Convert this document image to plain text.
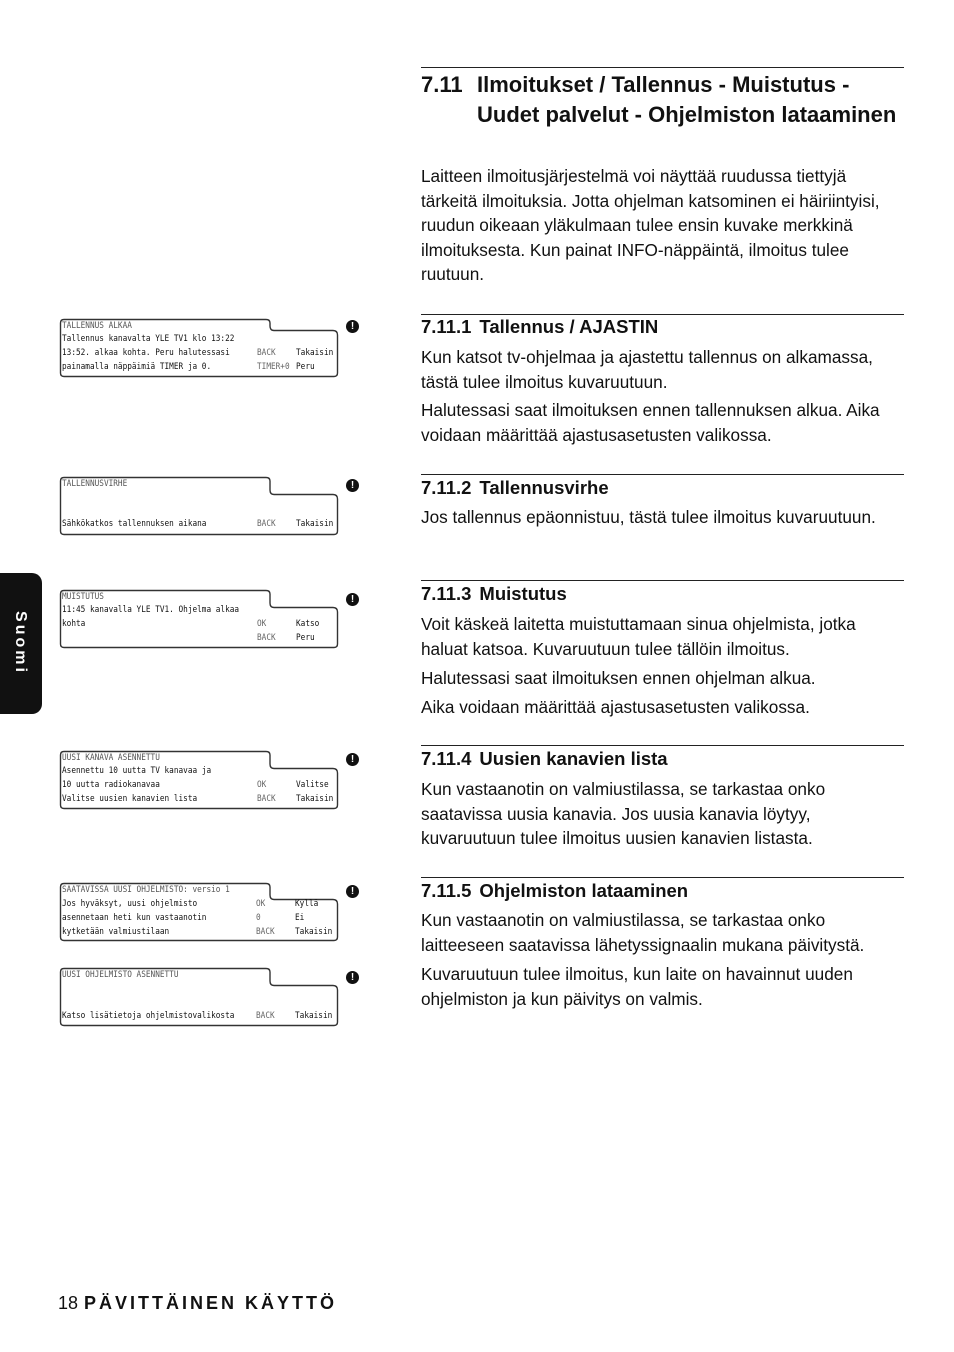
7.11 Ilmoitukset / Tallennus - Muistutus - Uudet palvelut - Ohjelmiston lataaminen

Laitteen ilmoitusjärjestelmä voi näyttää ruudussa tiettyjä tärkeitä ilmoituksia. Jotta ohjelman katsominen ei häiriintyisi, ruudun oikeaan yläkulmaan tulee ensin kuvake merkkinä ilmoituksesta. Kun painat INFO-näppäintä, ilmoitus tulee ruutuun.

7.11.1 Tallennus / AJASTIN

Kun katsot tv-ohjelmaa ja ajastettu tallennus on alkamassa, tästä tulee ilmoitus kuvaruutuun.

Halutessasi saat ilmoituksen ennen tallennuksen alkua. Aika voidaan määrittää ajastusasetusten valikossa.

7.11.2 Tallennusvirhe

Jos tallennus epäonnistuu, tästä tulee ilmoitus kuvaruutuun.

7.11.3 Muistutus

Voit käskeä laitetta muistuttamaan sinua ohjelmista, jotka haluat katsoa. Kuvaruutuun tulee tällöin ilmoitus.

Halutessasi saat ilmoituksen ennen ohjelman alkua.

Aika voidaan määrittää ajastusasetusten valikossa.

7.11.4 Uusien kanavien lista

Kun vastaanotin on valmiustilassa, se tarkastaa onko saatavissa uusia kanavia. Jos uusia kanavia löytyy, kuvaruutuun tulee ilmoitus uusien kanavien listasta.

7.11.5 Ohjelmiston lataaminen

Kun vastaanotin on valmiustilassa, se tarkastaa onko laitteeseen saatavissa lähetyssignaalin mukana päivitystä.

Kuvaruutuun tulee ilmoitus, kun laite on havainnut uuden ohjelmiston ja kun päivitys on valmis.

TALLENNUS ALKAA
Tallennus kanavalta YLE TV1 klo 13:22
13:52. alkaa kohta. Peru halutessasi
painamalla näppäimiä TIMER ja 0.
BACK Takaisin
TIMER+0 Peru
!
TALLENNUSVIRHE
Sähkökatkos tallennuksen aikana	BACK Takaisin
!
MUISTUTUS
11:45 kanavalla YLE TV1. Ohjelma alkaa
kohta	OK	Katso
BACK Peru
!
UUSI KANAVA ASENNETTU
Asennettu 10 uutta TV kanavaa ja
10 uutta radiokanavaa
Valitse uusien kanavien lista
OK	Valitse
BACK Takaisin
!
SAATAVISSA UUSI OHJELMISTO: versio 1
Jos hyväksyt, uusi ohjelmisto
asennetaan heti kun vastaanotin
kytketään valmiustilaan
OK	Kyllä
0	Ei
BACK Takaisin
!
UUSI OHJELMISTO ASENNETTU
Katso lisätietoja ohjelmistovalikosta BACK Takaisin
!
Suomi
18 PÄVITTÄINEN KÄYTTÖ
